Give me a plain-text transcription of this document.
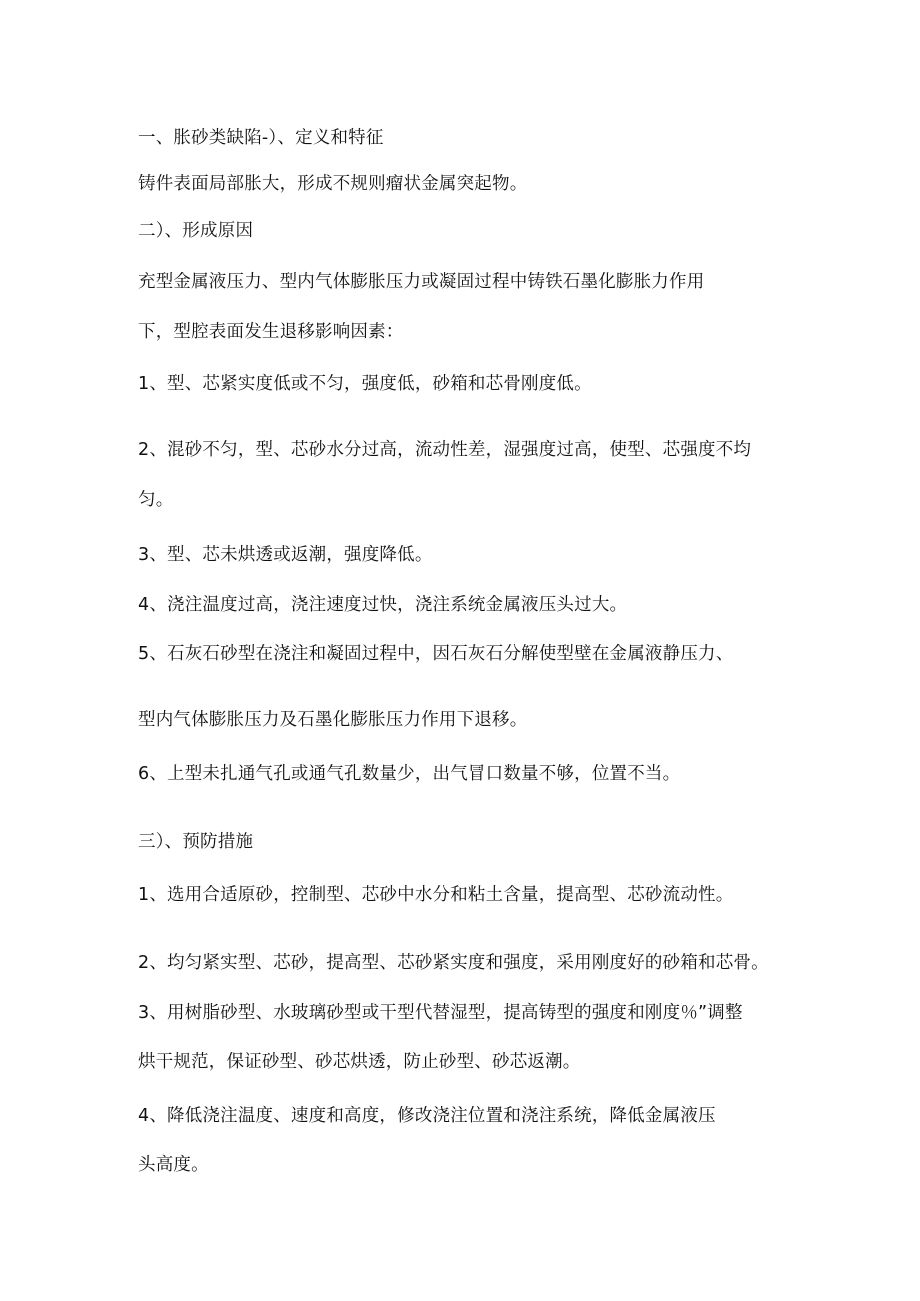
一、胀砂类缺陷-）、定义和特征
铸件表面局部胀大，形成不规则瘤状金属突起物。
二）、形成原因
充型金属液压力、型内气体膨胀压力或凝固过程中铸铁石墨化膨胀力作用
下，型腔表面发生退移影响因素：
1、型、芯紧实度低或不匀，强度低，砂箱和芯骨刚度低。
2、混砂不匀，型、芯砂水分过高，流动性差，湿强度过高，使型、芯强度不均
匀。
3、型、芯未烘透或返潮，强度降低。
4、浇注温度过高，浇注速度过快，浇注系统金属液压头过大。
5、石灰石砂型在浇注和凝固过程中，因石灰石分解使型壁在金属液静压力、
型内气体膨胀压力及石墨化膨胀压力作用下退移。
6、上型未扎通气孔或通气孔数量少，出气冒口数量不够，位置不当。
三）、预防措施
1、选用合适原砂，控制型、芯砂中水分和粘土含量，提高型、芯砂流动性。
2、均匀紧实型、芯砂，提高型、芯砂紧实度和强度，采用刚度好的砂箱和芯骨。
3、用树脂砂型、水玻璃砂型或干型代替湿型，提高铸型的强度和刚度％”调整
烘干规范，保证砂型、砂芯烘透，防止砂型、砂芯返潮。
4、降低浇注温度、速度和高度，修改浇注位置和浇注系统，降低金属液压
头高度。
